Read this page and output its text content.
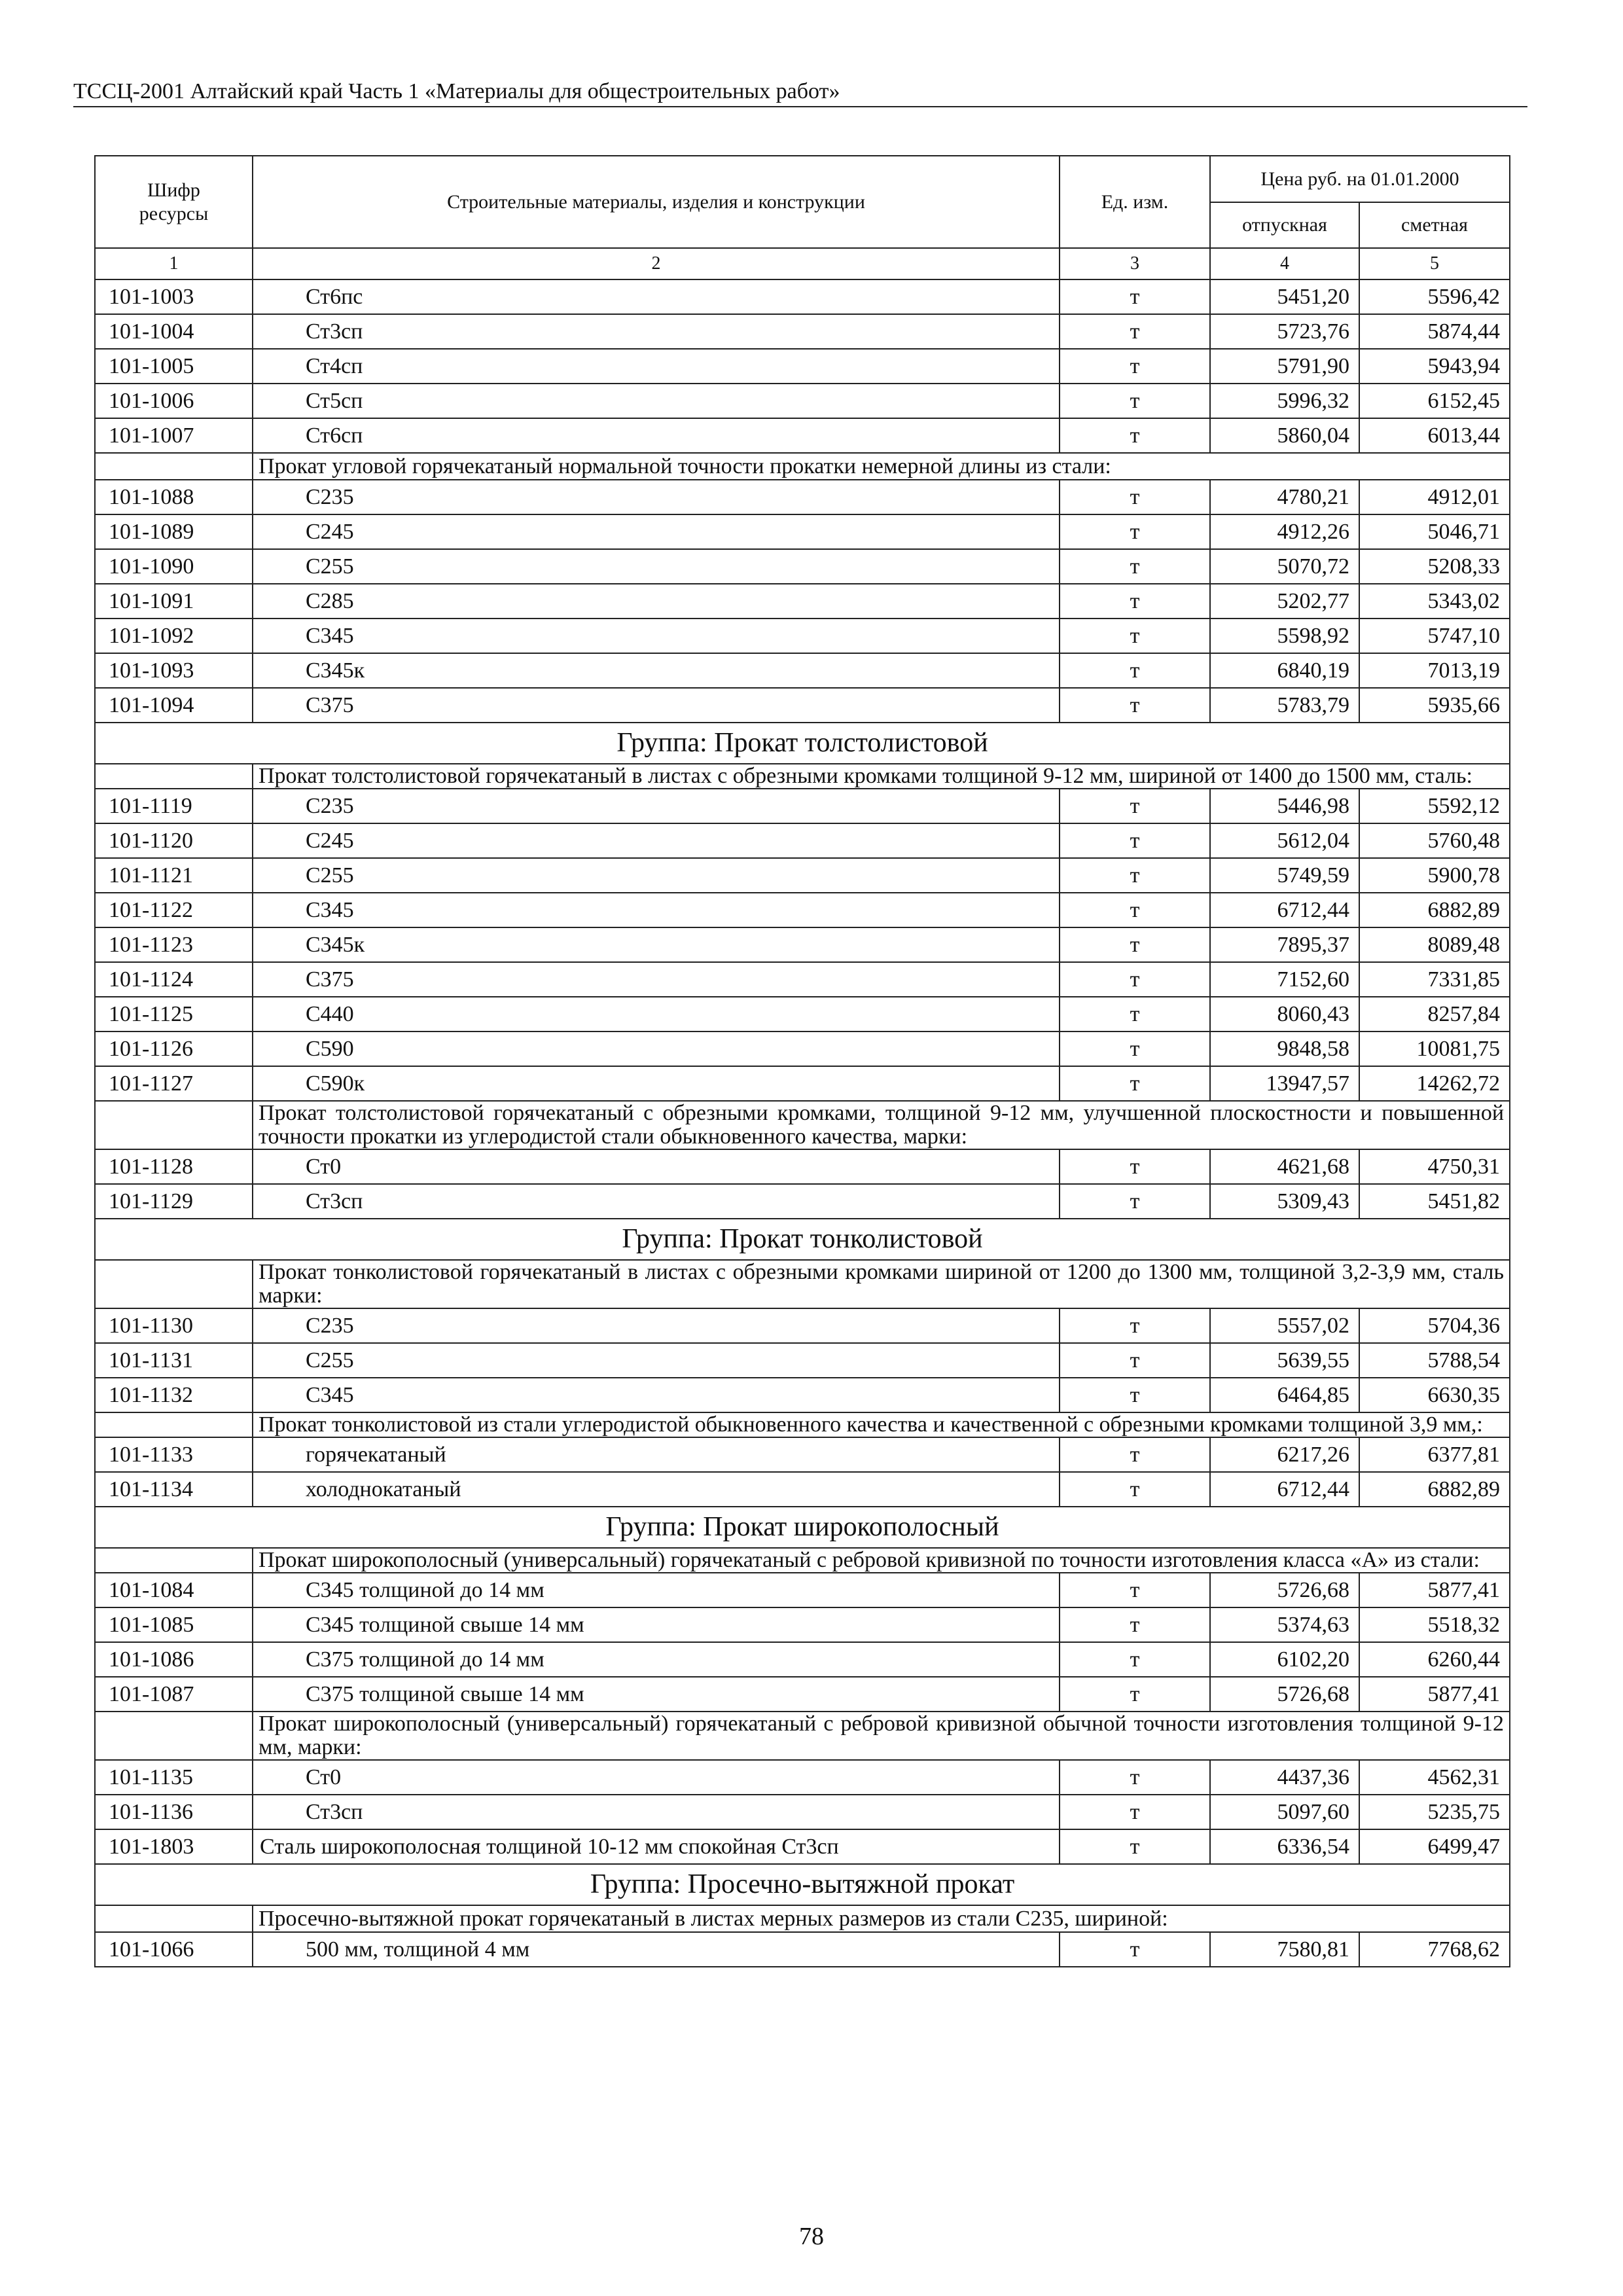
ТССЦ-2001 Алтайский край Часть 1 «Материалы для общестроительных работ»
Шифр ресурсы	Строительные материалы, изделия и конструкции	Ед. изм.	Цена руб. на 01.01.2000	
			отпускная	сметная
1	2	3	4	5
101-1003	Ст6пс	т	5451,20	5596,42
101-1004	Ст3сп	т	5723,76	5874,44
101-1005	Ст4сп	т	5791,90	5943,94
101-1006	Ст5сп	т	5996,32	6152,45
101-1007	Ст6сп	т	5860,04	6013,44
	Прокат угловой горячекатаный нормальной точности прокатки немерной длины из стали:			
101-1088	С235	т	4780,21	4912,01
101-1089	С245	т	4912,26	5046,71
101-1090	С255	т	5070,72	5208,33
101-1091	С285	т	5202,77	5343,02
101-1092	С345	т	5598,92	5747,10
101-1093	С345к	т	6840,19	7013,19
101-1094	С375	т	5783,79	5935,66
Группа: Прокат толстолистовой				
	Прокат толстолистовой горячекатаный в листах с обрезными кромками толщиной 9-12 мм, шириной от 1400 до 1500 мм, сталь:			
101-1119	С235	т	5446,98	5592,12
101-1120	С245	т	5612,04	5760,48
101-1121	С255	т	5749,59	5900,78
101-1122	С345	т	6712,44	6882,89
101-1123	С345к	т	7895,37	8089,48
101-1124	С375	т	7152,60	7331,85
101-1125	С440	т	8060,43	8257,84
101-1126	С590	т	9848,58	10081,75
101-1127	С590к	т	13947,57	14262,72
	Прокат толстолистовой горячекатаный с обрезными кромками, толщиной 9-12 мм, улучшенной плоскостности и повышенной точности прокатки из углеродистой стали обыкновенного качества, марки:			
101-1128	Ст0	т	4621,68	4750,31
101-1129	Ст3сп	т	5309,43	5451,82
Группа: Прокат тонколистовой				
	Прокат тонколистовой горячекатаный в листах с обрезными кромками шириной от 1200 до 1300 мм, толщиной 3,2-3,9 мм, сталь марки:			
101-1130	С235	т	5557,02	5704,36
101-1131	С255	т	5639,55	5788,54
101-1132	С345	т	6464,85	6630,35
	Прокат тонколистовой из стали углеродистой обыкновенного качества и качественной с обрезными кромками толщиной 3,9 мм,:			
101-1133	горячекатаный	т	6217,26	6377,81
101-1134	холоднокатаный	т	6712,44	6882,89
Группа: Прокат широкополосный				
	Прокат широкополосный (универсальный) горячекатаный с ребровой кривизной по точности изготовления класса «А» из стали:			
101-1084	С345 толщиной до 14 мм	т	5726,68	5877,41
101-1085	С345 толщиной свыше 14 мм	т	5374,63	5518,32
101-1086	С375 толщиной до 14 мм	т	6102,20	6260,44
101-1087	С375 толщиной свыше 14 мм	т	5726,68	5877,41
	Прокат широкополосный (универсальный) горячекатаный с ребровой кривизной обычной точности изготовления толщиной 9-12 мм, марки:			
101-1135	Ст0	т	4437,36	4562,31
101-1136	Ст3сп	т	5097,60	5235,75
101-1803	Сталь широкополосная толщиной 10-12 мм спокойная Ст3сп	т	6336,54	6499,47
Группа: Просечно-вытяжной прокат				
	Просечно-вытяжной прокат горячекатаный в листах мерных размеров из стали С235, шириной:			
101-1066	500 мм, толщиной 4 мм	т	7580,81	7768,62
78
